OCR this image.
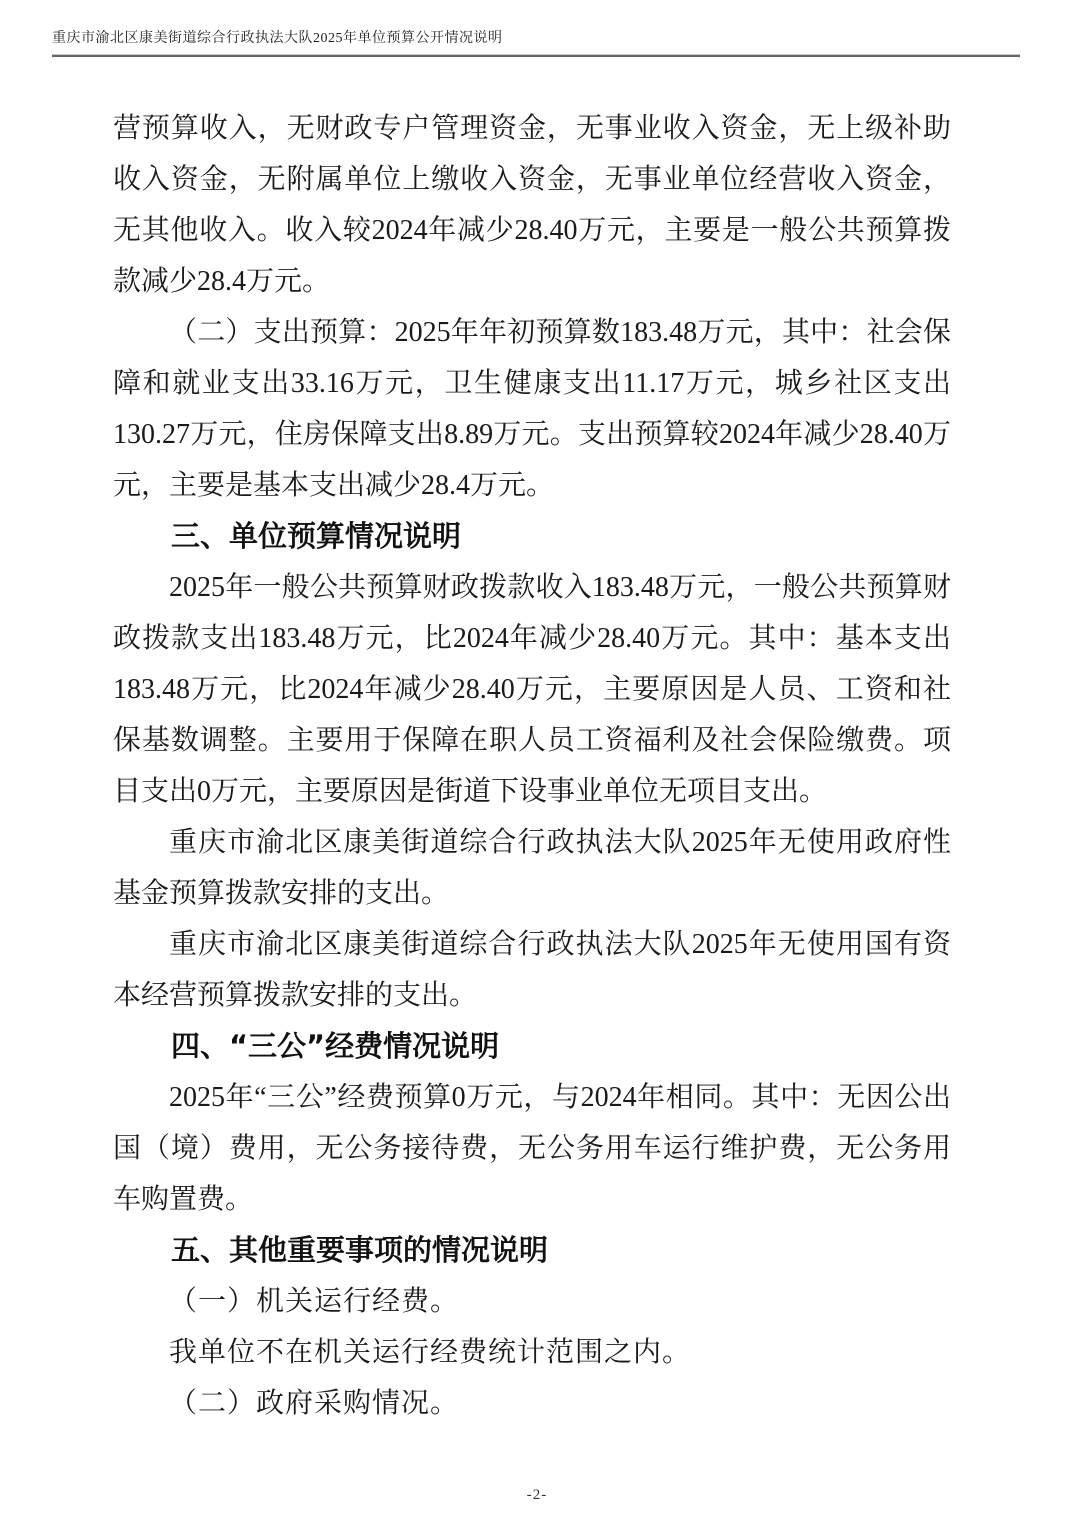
重庆市渝北区康美街道综合行政执法大队2025年单位预算公开情况说明

营预算收入，无财政专户管理资金，无事业收入资金，无上级补助收入资金，无附属单位上缴收入资金，无事业单位经营收入资金，无其他收入。收入较2024年减少28.40万元，主要是一般公共预算拨款减少28.4万元。

（二）支出预算：2025年年初预算数183.48万元，其中：社会保障和就业支出33.16万元，卫生健康支出11.17万元，城乡社区支出130.27万元，住房保障支出8.89万元。支出预算较2024年减少28.40万元，主要是基本支出减少28.4万元。

三、单位预算情况说明

2025年一般公共预算财政拨款收入183.48万元，一般公共预算财政拨款支出183.48万元，比2024年减少28.40万元。其中：基本支出183.48万元，比2024年减少28.40万元，主要原因是人员、工资和社保基数调整。主要用于保障在职人员工资福利及社会保险缴费。项目支出0万元，主要原因是街道下设事业单位无项目支出。

重庆市渝北区康美街道综合行政执法大队2025年无使用政府性基金预算拨款安排的支出。

重庆市渝北区康美街道综合行政执法大队2025年无使用国有资本经营预算拨款安排的支出。

四、“三公”经费情况说明

2025年“三公”经费预算0万元，与2024年相同。其中：无因公出国（境）费用，无公务接待费，无公务用车运行维护费，无公务用车购置费。

五、其他重要事项的情况说明

（一）机关运行经费。

我单位不在机关运行经费统计范围之内。

（二）政府采购情况。

-2-
